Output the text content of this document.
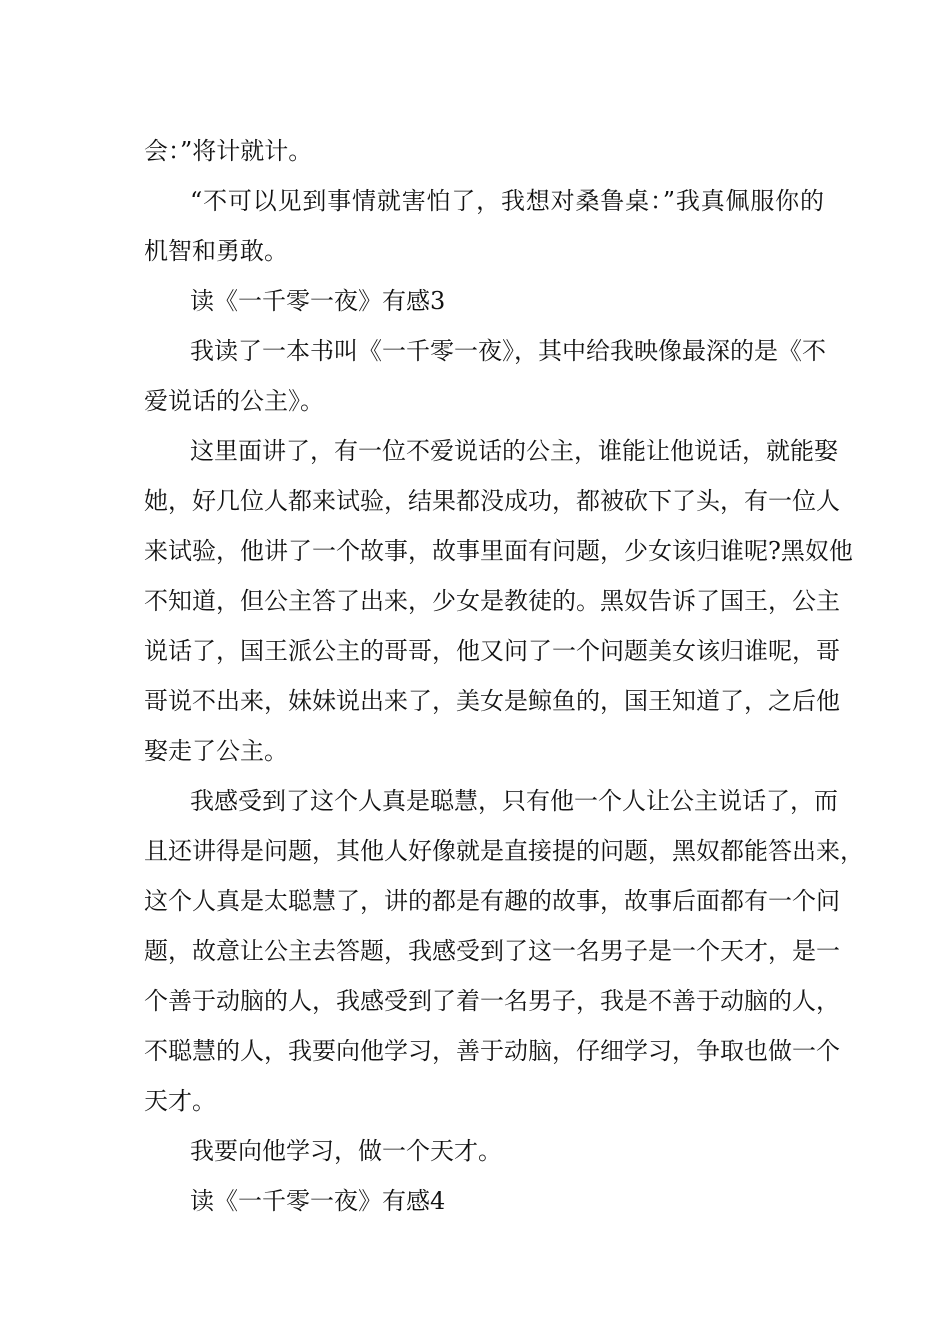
会：”将计就计。
“不可以见到事情就害怕了，我想对桑鲁桌：”我真佩服你的
机智和勇敢。
读《一千零一夜》有感3
我读了一本书叫《一千零一夜》，其中给我映像最深的是《不
爱说话的公主》。
这里面讲了，有一位不爱说话的公主，谁能让他说话，就能娶
她，好几位人都来试验，结果都没成功，都被砍下了头，有一位人
来试验，他讲了一个故事，故事里面有问题，少女该归谁呢?黑奴他
不知道，但公主答了出来，少女是教徒的。黑奴告诉了国王，公主
说话了，国王派公主的哥哥，他又问了一个问题美女该归谁呢，哥
哥说不出来，妹妹说出来了，美女是鲸鱼的，国王知道了，之后他
娶走了公主。
我感受到了这个人真是聪慧，只有他一个人让公主说话了，而
且还讲得是问题，其他人好像就是直接提的问题，黑奴都能答出来，
这个人真是太聪慧了，讲的都是有趣的故事，故事后面都有一个问
题，故意让公主去答题，我感受到了这一名男子是一个天才，是一
个善于动脑的人，我感受到了着一名男子，我是不善于动脑的人，
不聪慧的人，我要向他学习，善于动脑，仔细学习，争取也做一个
天才。
我要向他学习，做一个天才。
读《一千零一夜》有感4
